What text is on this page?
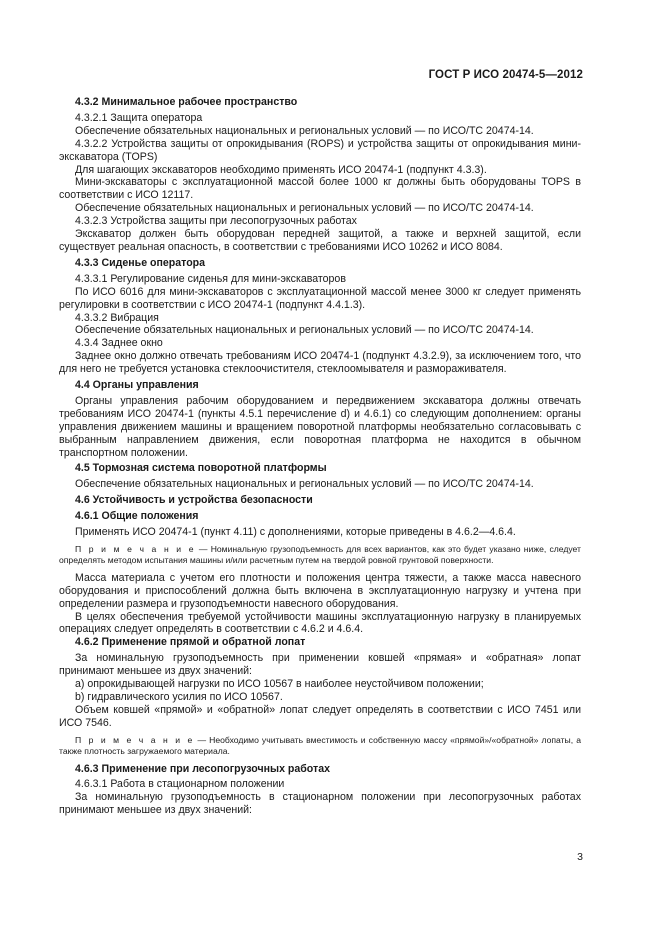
ГОСТ Р ИСО 20474-5—2012

4.3.2 Минимальное рабочее пространство

4.3.2.1 Защита оператора

Обеспечение обязательных национальных и региональных условий — по ИСО/ТС 20474-14.

4.3.2.2 Устройства защиты от опрокидывания (ROPS) и устройства защиты от опрокидывания мини-экскаватора (TOPS)

Для шагающих экскаваторов необходимо применять ИСО 20474-1 (подпункт 4.3.3).

Мини-экскаваторы с эксплуатационной массой более 1000 кг должны быть оборудованы TOPS в соответствии с ИСО 12117.

Обеспечение обязательных национальных и региональных условий — по ИСО/ТС 20474-14.

4.3.2.3 Устройства защиты при лесопогрузочных работах

Экскаватор должен быть оборудован передней защитой, а также и верхней защитой, если существует реальная опасность, в соответствии с требованиями ИСО 10262 и ИСО 8084.

4.3.3 Сиденье оператора

4.3.3.1 Регулирование сиденья для мини-экскаваторов

По ИСО 6016 для мини-экскаваторов с эксплуатационной массой менее 3000 кг следует применять регулировки в соответствии с ИСО 20474-1 (подпункт 4.4.1.3).

4.3.3.2 Вибрация

Обеспечение обязательных национальных и региональных условий — по ИСО/ТС 20474-14.

4.3.4 Заднее окно

Заднее окно должно отвечать требованиям ИСО 20474-1 (подпункт 4.3.2.9), за исключением того, что для него не требуется установка стеклоочистителя, стеклоомывателя и размораживателя.

4.4 Органы управления

Органы управления рабочим оборудованием и передвижением экскаватора должны отвечать требованиям ИСО 20474-1 (пункты 4.5.1 перечисление d) и 4.6.1) со следующим дополнением: органы управления движением машины и вращением поворотной платформы необязательно согласовывать с выбранным направлением движения, если поворотная платформа не находится в обычном транспортном положении.

4.5 Тормозная система поворотной платформы

Обеспечение обязательных национальных и региональных условий — по ИСО/ТС 20474-14.

4.6 Устойчивость и устройства безопасности

4.6.1 Общие положения

Применять ИСО 20474-1 (пункт 4.11) с дополнениями, которые приведены в 4.6.2—4.6.4.

П р и м е ч а н и е — Номинальную грузоподъемность для всех вариантов, как это будет указано ниже, следует определять методом испытания машины и/или расчетным путем на твердой ровной грунтовой поверхности.

Масса материала с учетом его плотности и положения центра тяжести, а также масса навесного оборудования и приспособлений должна быть включена в эксплуатационную нагрузку и учтена при определении размера и грузоподъемности навесного оборудования.

В целях обеспечения требуемой устойчивости машины эксплуатационную нагрузку в планируемых операциях следует определять в соответствии с 4.6.2 и 4.6.4.

4.6.2 Применение прямой и обратной лопат

За номинальную грузоподъемность при применении ковшей «прямая» и «обратная» лопат принимают меньшее из двух значений:

a) опрокидывающей нагрузки по ИСО 10567 в наиболее неустойчивом положении;

b) гидравлического усилия по ИСО 10567.

Объем ковшей «прямой» и «обратной» лопат следует определять в соответствии с ИСО 7451 или ИСО 7546.

П р и м е ч а н и е — Необходимо учитывать вместимость и собственную массу «прямой»/«обратной» лопаты, а также плотность загружаемого материала.

4.6.3 Применение при лесопогрузочных работах

4.6.3.1 Работа в стационарном положении

За номинальную грузоподъемность в стационарном положении при лесопогрузочных работах принимают меньшее из двух значений:

3
